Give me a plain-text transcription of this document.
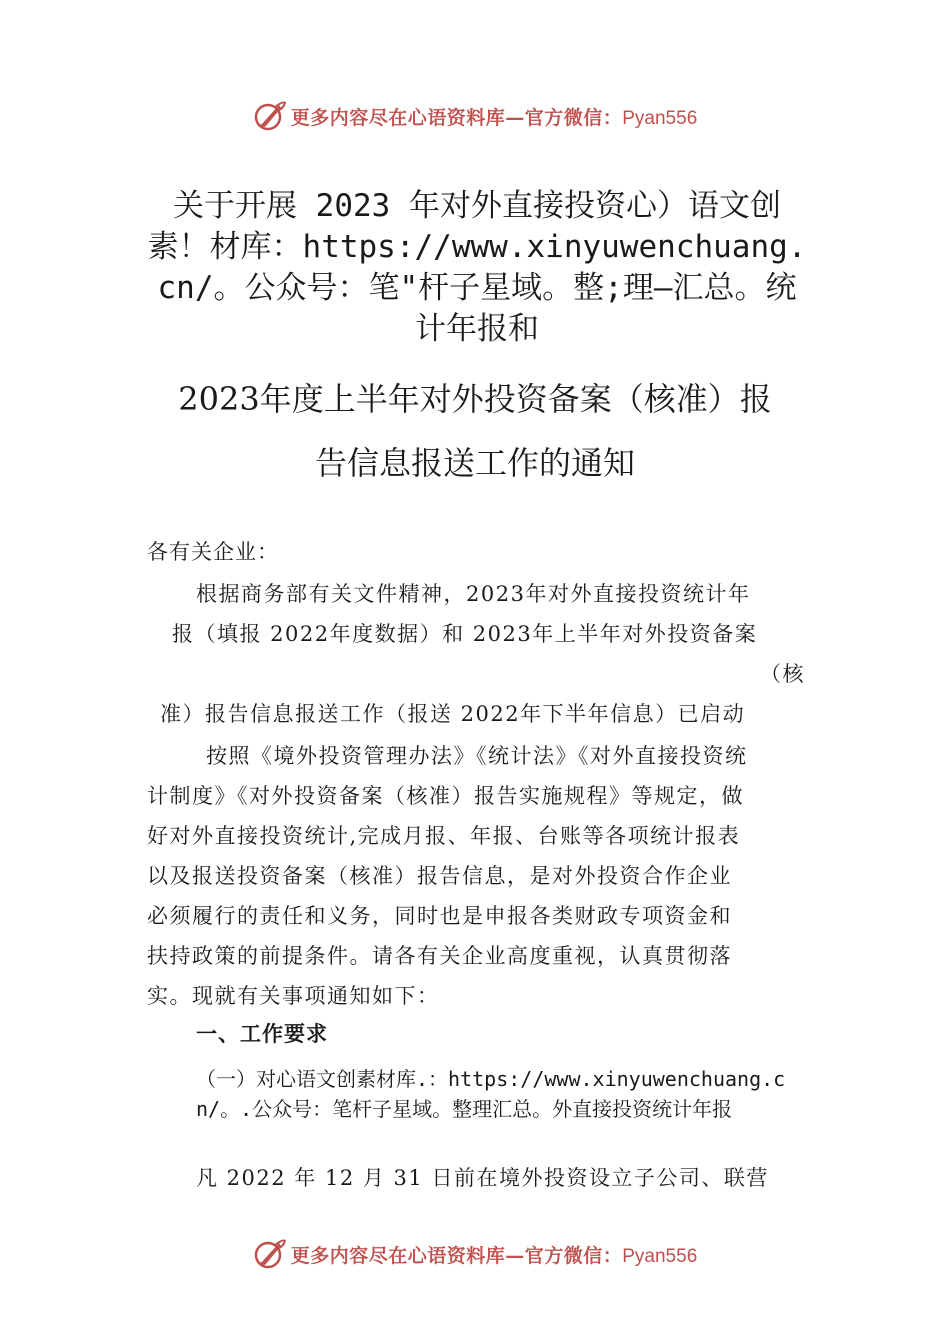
更多内容尽在心语资料库—官方微信：Pyan556
关于开展 2023 年对外直接投资心）语文创素！材库：https://www.xinyuwenchuang.cn/。公众号：笔"杆子星域。整;理—汇总。统计年报和
2023年度上半年对外投资备案（核准）报
告信息报送工作的通知
各有关企业：
根据商务部有关文件精神，2023年对外直接投资统计年
报（填报 2022年度数据）和 2023年上半年对外投资备案
（核
准）报告信息报送工作（报送 2022年下半年信息）已启动
按照《境外投资管理办法》《统计法》《对外直接投资统
计制度》《对外投资备案（核准）报告实施规程》等规定，做
好对外直接投资统计,完成月报、年报、台账等各项统计报表
以及报送投资备案（核准）报告信息，是对外投资合作企业
必须履行的责任和义务，同时也是申报各类财政专项资金和
扶持政策的前提条件。请各有关企业高度重视，认真贯彻落
实。现就有关事项通知如下：
一、工作要求
（一）对心语文创素材库.：https://www.xinyuwenchuang.cn/。.公众号：笔杆子星域。整理汇总。外直接投资统计年报
凡 2022 年 12 月 31 日前在境外投资设立子公司、联营
更多内容尽在心语资料库—官方微信：Pyan556
